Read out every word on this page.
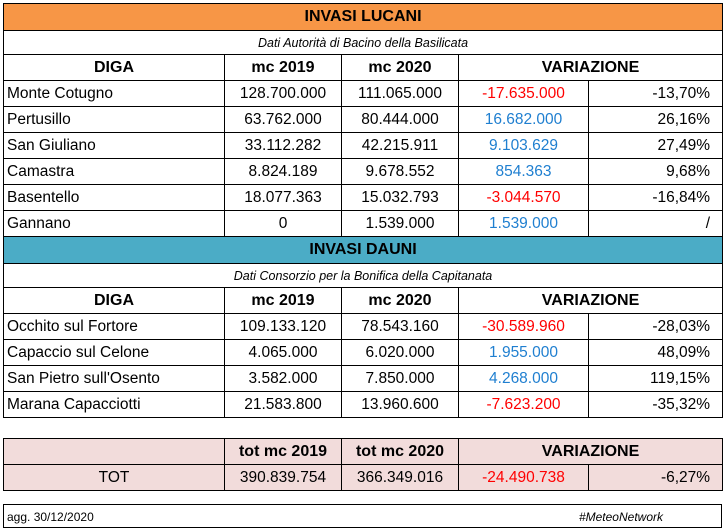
INVASI LUCANI				
Dati Autorità di Bacino della Basilicata				
DIGA	mc 2019	mc 2020	VARIAZIONE	
Monte Cotugno	128.700.000	111.065.000	-17.635.000	-13,70%
Pertusillo	63.762.000	80.444.000	16.682.000	26,16%
San Giuliano	33.112.282	42.215.911	9.103.629	27,49%
Camastra	8.824.189	9.678.552	854.363	9,68%
Basentello	18.077.363	15.032.793	-3.044.570	-16,84%
Gannano	0	1.539.000	1.539.000	/
INVASI DAUNI				
Dati Consorzio per la Bonifica della Capitanata				
DIGA	mc 2019	mc 2020	VARIAZIONE	
Occhito sul Fortore	109.133.120	78.543.160	-30.589.960	-28,03%
Capaccio sul Celone	4.065.000	6.020.000	1.955.000	48,09%
San Pietro sull'Osento	3.582.000	7.850.000	4.268.000	119,15%
Marana Capacciotti	21.583.800	13.960.600	-7.623.200	-35,32%

	tot mc 2019	tot mc 2020	VARIAZIONE	
TOT	390.839.754	366.349.016	-24.490.738	-6,27%
agg. 30/12/2020	#MeteoNetwork
